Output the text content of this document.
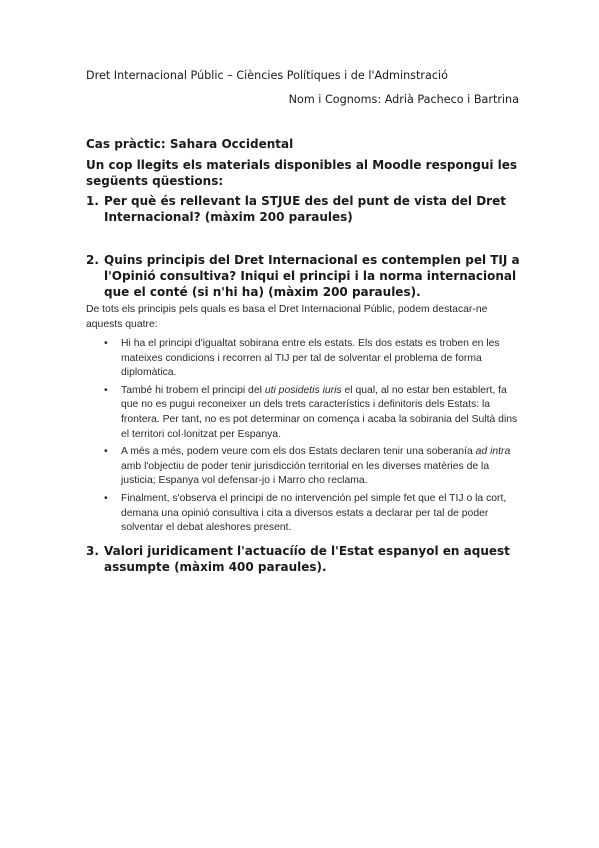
Dret Internacional Públic – Ciències Polítiques i de l'Adminstració
Nom i Cognoms: Adrià Pacheco i Bartrina
Cas pràctic: Sahara Occidental
Un cop llegits els materials disponibles al Moodle respongui les següents qüestions:
1. Per què és rellevant la STJUE des del punt de vista del Dret Internacional? (màxim 200 paraules)
2. Quins principis del Dret Internacional es contemplen pel TIJ a l'Opinió consultiva? Iniqui el principi i la norma internacional que el conté (si n'hi ha) (màxim 200 paraules).
De tots els principis pels quals es basa el Dret Internacional Públic, podem destacar-ne aquests quatre:
• Hi ha el principi d'igualtat sobirana entre els estats. Els dos estats es troben en les mateixes condicions i recorren al TIJ per tal de solventar el problema de forma diplomàtica.
• També hi trobem el principi del uti posidetis iuris el qual, al no estar ben establert, fa que no es pugui reconeixer un dels trets característics i definitoris dels Estats: la frontera. Per tant, no es pot determinar on comença i acaba la sobirania del Sultà dins el territori col·lonitzat per Espanya.
• A més a més, podem veure com els dos Estats declaren tenir una soberanía ad intra amb l'objectiu de poder tenir jurisdicción territorial en les diverses matèries de la justicia; Espanya vol defensar-jo i Marro cho reclama.
• Finalment, s'observa el principi de no intervención pel simple fet que el TIJ o la cort, demana una opinió consultiva i cita a diversos estats a declarar per tal de poder solventar el debat aleshores present.
3. Valori juridicament l'actuacíío de l'Estat espanyol en aquest assumpte (màxim 400 paraules).
